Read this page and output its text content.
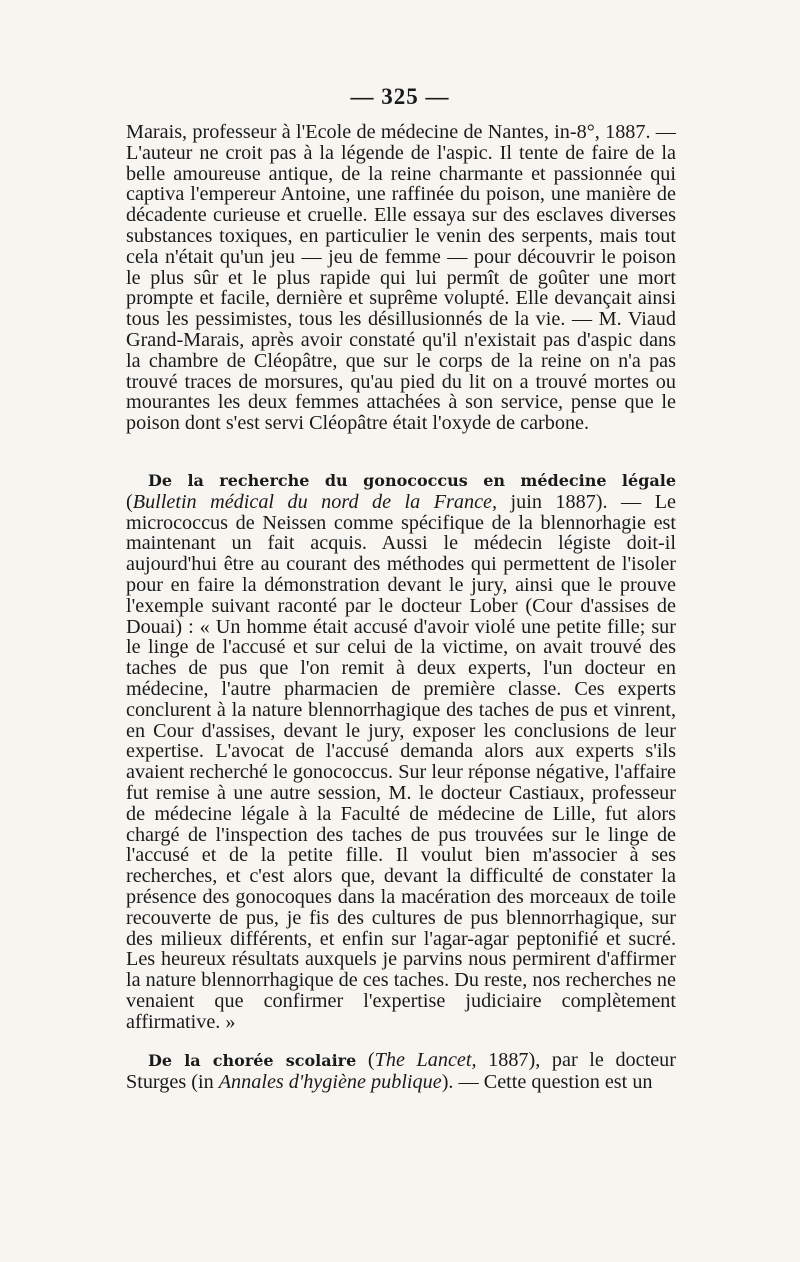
— 325 —

Marais, professeur à l'Ecole de médecine de Nantes, in-8°, 1887. — L'auteur ne croit pas à la légende de l'aspic. Il tente de faire de la belle amoureuse antique, de la reine charmante et passionnée qui captiva l'empereur Antoine, une raffinée du poison, une manière de décadente curieuse et cruelle. Elle essaya sur des esclaves diverses substances toxiques, en particulier le venin des serpents, mais tout cela n'était qu'un jeu — jeu de femme — pour découvrir le poison le plus sûr et le plus rapide qui lui permît de goûter une mort prompte et facile, dernière et suprême volupté. Elle devançait ainsi tous les pessimistes, tous les désillusionnés de la vie. — M. Viaud Grand-Marais, après avoir constaté qu'il n'existait pas d'aspic dans la chambre de Cléopâtre, que sur le corps de la reine on n'a pas trouvé traces de morsures, qu'au pied du lit on a trouvé mortes ou mourantes les deux femmes attachées à son service, pense que le poison dont s'est servi Cléopâtre était l'oxyde de carbone.

De la recherche du gonococcus en médecine légale (Bulletin médical du nord de la France, juin 1887). — Le micrococcus de Neissen comme spécifique de la blennorhagie est maintenant un fait acquis. Aussi le médecin légiste doit-il aujourd'hui être au courant des méthodes qui permettent de l'isoler pour en faire la démonstration devant le jury, ainsi que le prouve l'exemple suivant raconté par le docteur Lober (Cour d'assises de Douai) : « Un homme était accusé d'avoir violé une petite fille; sur le linge de l'accusé et sur celui de la victime, on avait trouvé des taches de pus que l'on remit à deux experts, l'un docteur en médecine, l'autre pharmacien de première classe. Ces experts conclurent à la nature blennorrhagique des taches de pus et vinrent, en Cour d'assises, devant le jury, exposer les conclusions de leur expertise. L'avocat de l'accusé demanda alors aux experts s'ils avaient recherché le gonococcus. Sur leur réponse négative, l'affaire fut remise à une autre session, M. le docteur Castiaux, professeur de médecine légale à la Faculté de médecine de Lille, fut alors chargé de l'inspection des taches de pus trouvées sur le linge de l'accusé et de la petite fille. Il voulut bien m'associer à ses recherches, et c'est alors que, devant la difficulté de constater la présence des gonocoques dans la macération des morceaux de toile recouverte de pus, je fis des cultures de pus blennorrhagique, sur des milieux différents, et enfin sur l'agar-agar peptonifié et sucré. Les heureux résultats auxquels je parvins nous permirent d'affirmer la nature blennorrhagique de ces taches. Du reste, nos recherches ne venaient que confirmer l'expertise judiciaire complètement affirmative. »

De la chorée scolaire (The Lancet, 1887), par le docteur Sturges (in Annales d'hygiène publique). — Cette question est un
